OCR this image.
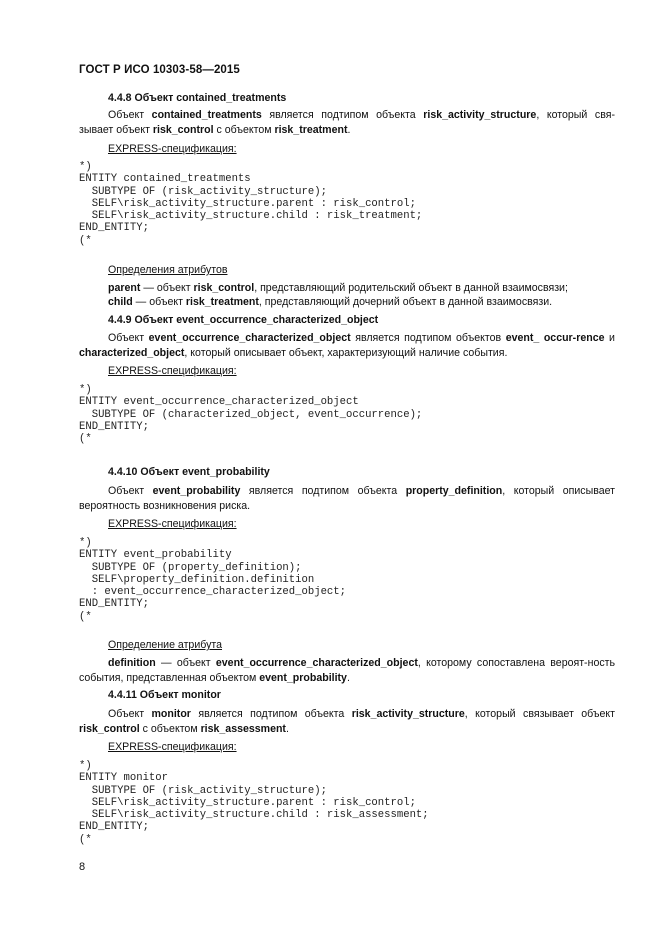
ГОСТ Р ИСО 10303-58—2015
4.4.8 Объект contained_treatments
Объект contained_treatments является подтипом объекта risk_activity_structure, который свя-зывает объект risk_control с объектом risk_treatment.
EXPRESS-спецификация:
*)
ENTITY contained_treatments
SUBTYPE OF (risk_activity_structure);
SELF\risk_activity_structure.parent : risk_control;
SELF\risk_activity_structure.child : risk_treatment;
END_ENTITY;
(*
Определения атрибутов
parent — объект risk_control, представляющий родительский объект в данной взаимосвязи;
child — объект risk_treatment, представляющий дочерний объект в данной взаимосвязи.
4.4.9 Объект event_occurrence_characterized_object
Объект event_occurrence_characterized_object является подтипом объектов event_ occur-rence и characterized_object, который описывает объект, характеризующий наличие события.
EXPRESS-спецификация:
*)
ENTITY event_occurrence_characterized_object
SUBTYPE OF (characterized_object, event_occurrence);
END_ENTITY;
(*
4.4.10 Объект event_probability
Объект event_probability является подтипом объекта property_definition, который описывает вероятность возникновения риска.
EXPRESS-спецификация:
*)
ENTITY event_probability
SUBTYPE OF (property_definition);
SELF\property_definition.definition
: event_occurrence_characterized_object;
END_ENTITY;
(*
Определение атрибута
definition — объект event_occurrence_characterized_object, которому сопоставлена вероят-ность события, представленная объектом event_probability.
4.4.11 Объект monitor
Объект monitor является подтипом объекта risk_activity_structure, который связывает объект risk_control с объектом risk_assessment.
EXPRESS-спецификация:
*)
ENTITY monitor
SUBTYPE OF (risk_activity_structure);
SELF\risk_activity_structure.parent : risk_control;
SELF\risk_activity_structure.child : risk_assessment;
END_ENTITY;
(*
8
